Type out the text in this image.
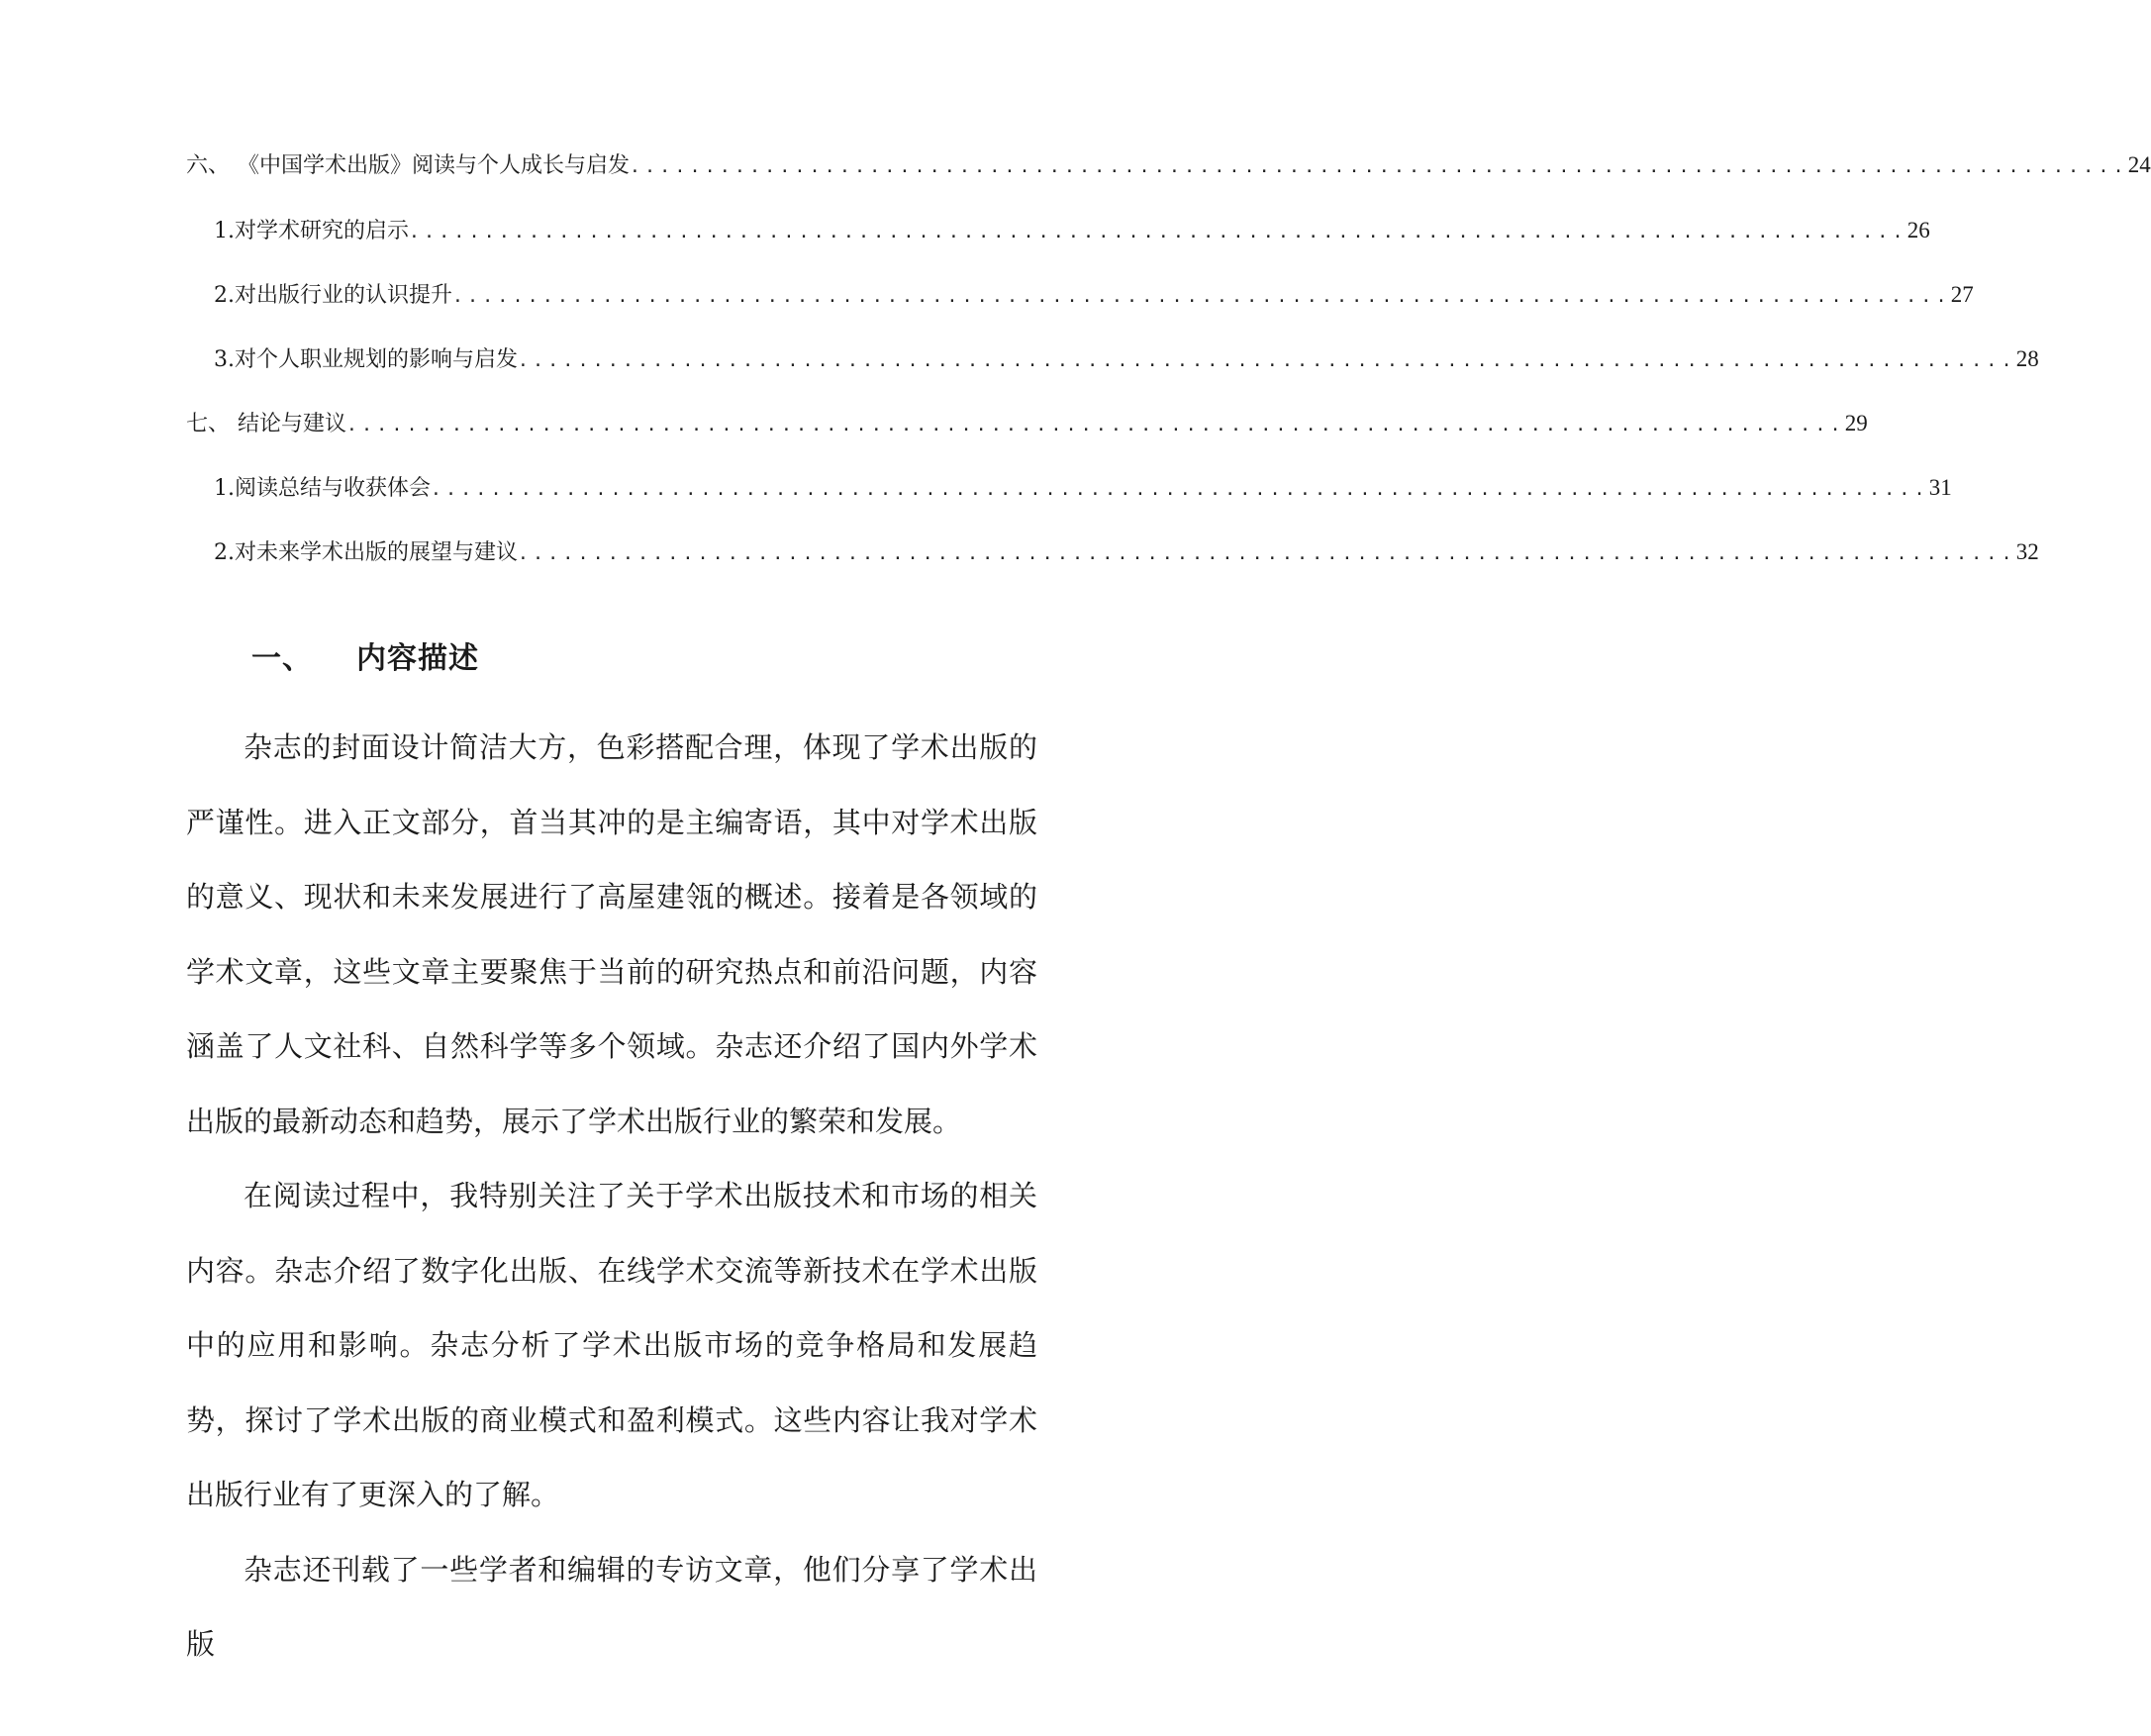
六、 《中国学术出版》阅读与个人成长与启发 .................................................................................................... 24
1. 对学术研究的启示 .................................................................................................... 26
2. 对出版行业的认识提升 .................................................................................................... 27
3. 对个人职业规划的影响与启发 .................................................................................................... 28
七、 结论与建议 .................................................................................................... 29
1. 阅读总结与收获体会 .................................................................................................... 31
2. 对未来学术出版的展望与建议 .................................................................................................... 32
一、 内容描述

杂志的封面设计简洁大方，色彩搭配合理，体现了学术出版的严谨性。进入正文部分，首当其冲的是主编寄语，其中对学术出版的意义、现状和未来发展进行了高屋建瓴的概述。接着是各领域的学术文章，这些文章主要聚焦于当前的研究热点和前沿问题，内容涵盖了人文社科、自然科学等多个领域。杂志还介绍了国内外学术出版的最新动态和趋势，展示了学术出版行业的繁荣和发展。

在阅读过程中，我特别关注了关于学术出版技术和市场的相关内容。杂志介绍了数字化出版、在线学术交流等新技术在学术出版中的应用和影响。杂志分析了学术出版市场的竞争格局和发展趋势，探讨了学术出版的商业模式和盈利模式。这些内容让我对学术出版行业有了更深入的了解。

杂志还刊载了一些学者和编辑的专访文章，他们分享了学术出版
